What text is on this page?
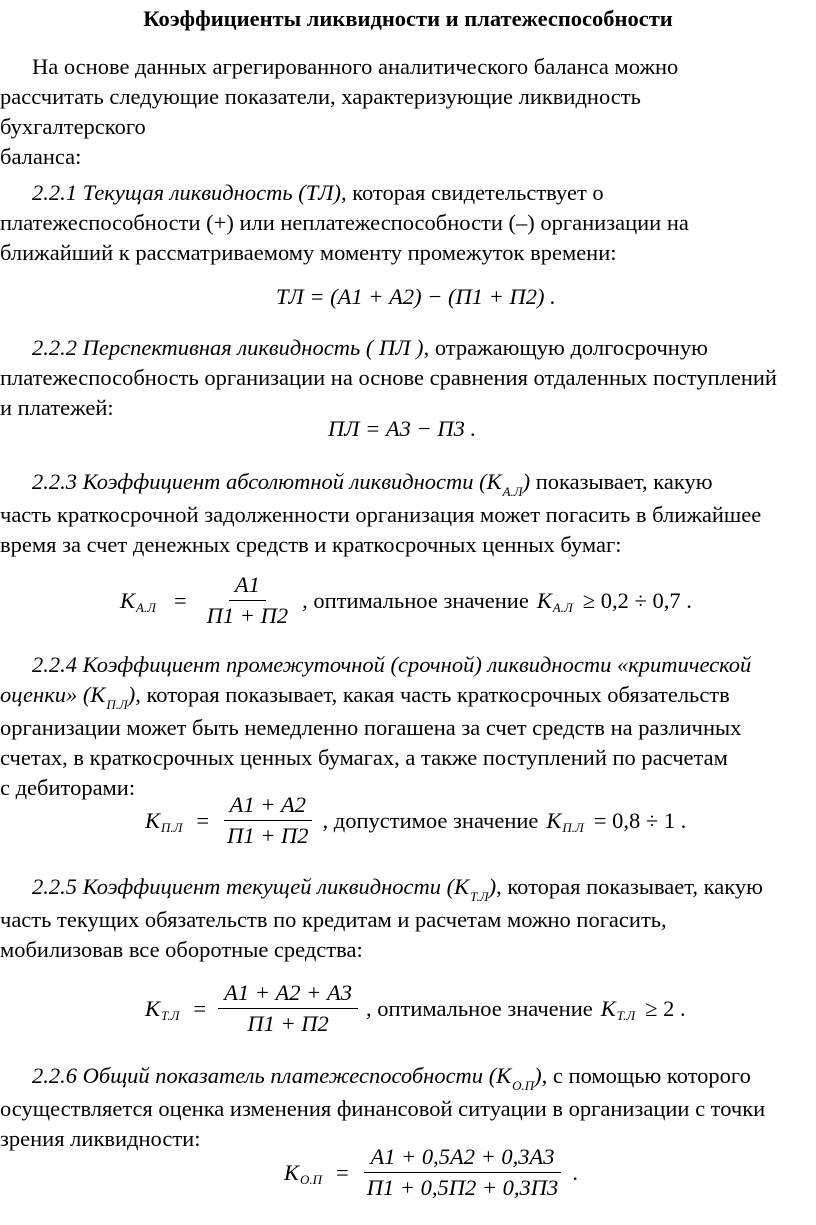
Коэффициенты ликвидности и платежеспособности
На основе данных агрегированного аналитического баланса можно
рассчитать следующие показатели, характеризующие ликвидность
бухгалтерского
баланса:
2.2.1 Текущая ликвидность (ТЛ), которая свидетельствует о
платежеспособности (+) или неплатежеспособности (–) организации на
ближайший к рассматриваемому моменту промежуток времени:
ТЛ = (А1 + А2) − (П1 + П2) .
2.2.2 Перспективная ликвидность ( ПЛ ), отражающую долгосрочную
платежеспособность организации на основе сравнения отдаленных поступлений
и платежей:
ПЛ = А3 − П3 .
2.2.3 Коэффициент абсолютной ликвидности $(К_{А.Л})$ показывает, какую
часть краткосрочной задолженности организация может погасить в ближайшее
время за счет денежных средств и краткосрочных ценных бумаг:
К $А.Л = \frac{А1}{П1 + П2}$ , оптимальное значение К А.Л ≥ 0,2 ÷ 0,7 .
2.2.4 Коэффициент промежуточной (срочной) ликвидности «критической
оценки» $(К_{П.Л})$, которая показывает, какая часть краткосрочных обязательств
организации может быть немедленно погашена за счет средств на различных
счетах, в краткосрочных ценных бумагах, а также поступлений по расчетам
с дебиторами:
К $П.Л = \frac{А1 + А2}{П1 + П2}$ , допустимое значение К П.Л = 0,8 ÷ 1 .
2.2.5 Коэффициент текущей ликвидности $(К_{Т.Л})$, которая показывает, какую
часть текущих обязательств по кредитам и расчетам можно погасить,
мобилизовав все оборотные средства:
К $Т.Л = \frac{А1 + А2 + А3}{П1 + П2}$ , оптимальное значение К Т.Л ≥ 2 .
2.2.6 Общий показатель платежеспособности $(К_{О.П})$, с помощью которого
осуществляется оценка изменения финансовой ситуации в организации с точки
зрения ликвидности:
К $О.П = \frac{А1 + 0,5А2 + 0,3А3}{П1 + 0,5П2 + 0,3П3}$ .
